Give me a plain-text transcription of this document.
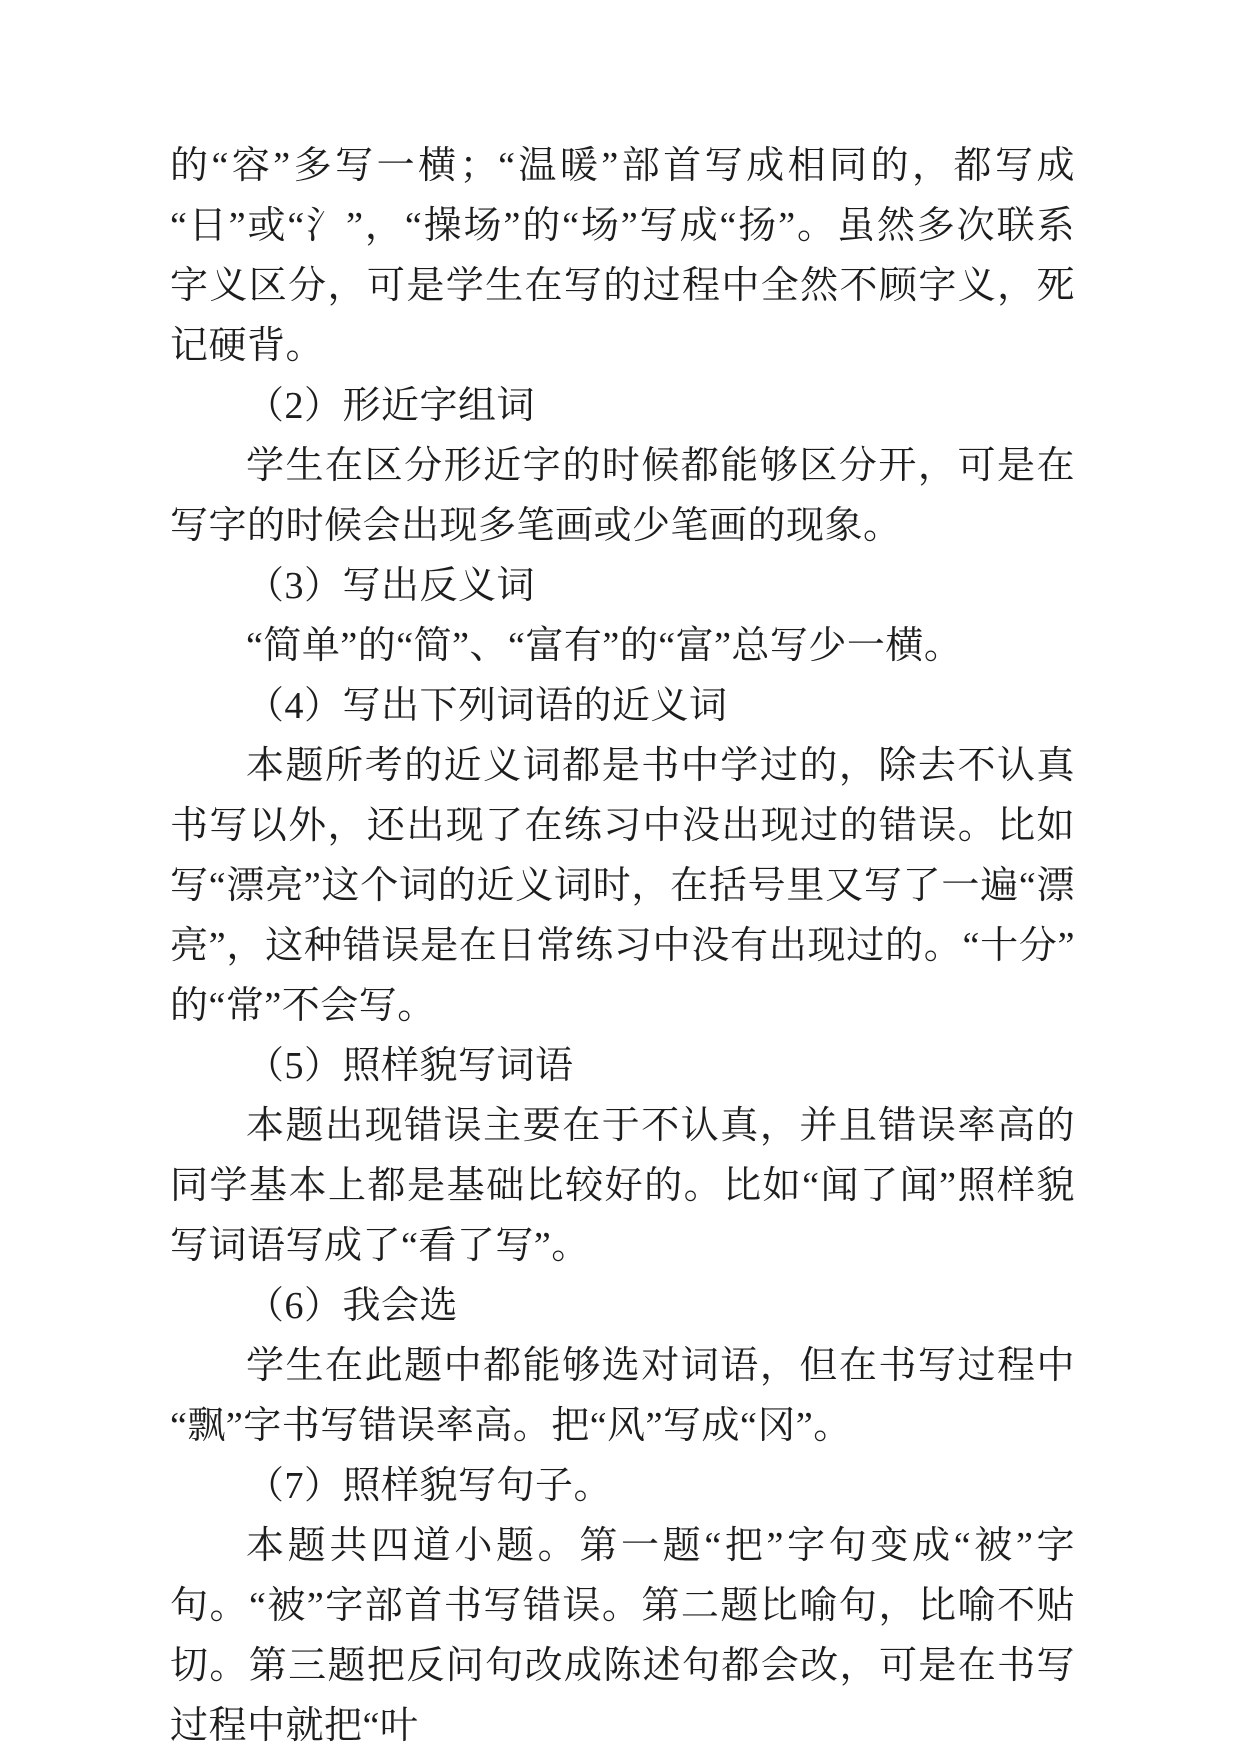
的“容”多写一横；“温暖”部首写成相同的，都写成“日”或“氵”，“操场”的“场”写成“扬”。虽然多次联系字义区分，可是学生在写的过程中全然不顾字义，死记硬背。

（2）形近字组词

学生在区分形近字的时候都能够区分开，可是在写字的时候会出现多笔画或少笔画的现象。

（3）写出反义词

“简单”的“简”、“富有”的“富”总写少一横。

（4）写出下列词语的近义词

本题所考的近义词都是书中学过的，除去不认真书写以外，还出现了在练习中没出现过的错误。比如写“漂亮”这个词的近义词时，在括号里又写了一遍“漂亮”，这种错误是在日常练习中没有出现过的。“十分”的“常”不会写。

（5）照样貌写词语

本题出现错误主要在于不认真，并且错误率高的同学基本上都是基础比较好的。比如“闻了闻”照样貌写词语写成了“看了写”。

（6）我会选

学生在此题中都能够选对词语，但在书写过程中“飘”字书写错误率高。把“风”写成“冈”。

（7）照样貌写句子。

本题共四道小题。第一题“把”字句变成“被”字句。“被”字部首书写错误。第二题比喻句，比喻不贴切。第三题把反问句改成陈述句都会改，可是在书写过程中就把“叶
